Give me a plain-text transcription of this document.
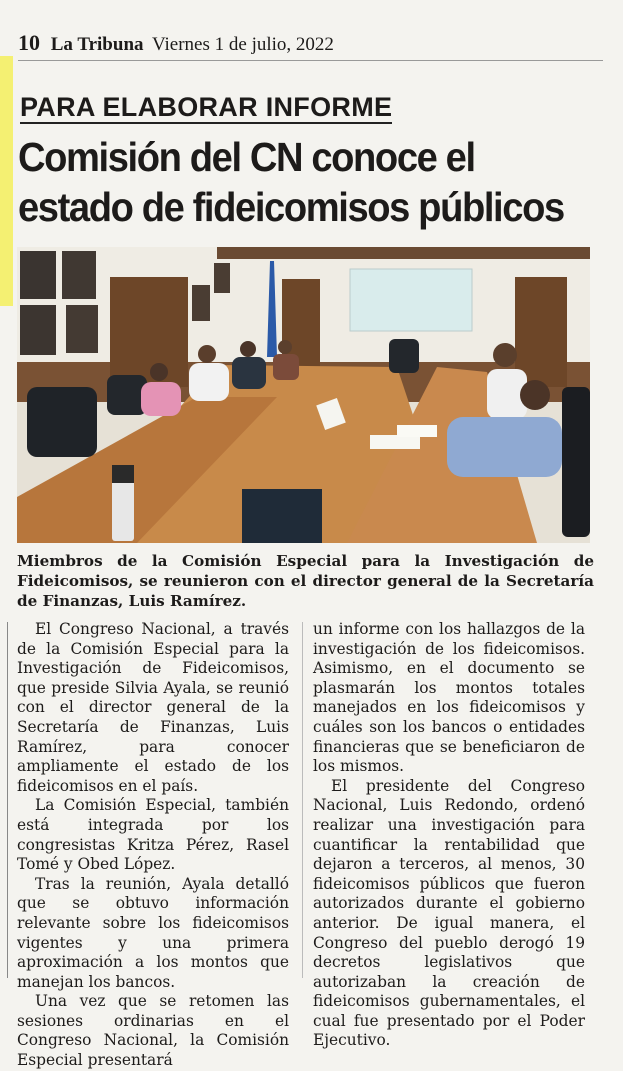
10 La Tribuna Viernes 1 de julio, 2022
PARA ELABORAR INFORME
Comisión del CN conoce el
estado de fideicomisos públicos
Miembros de la Comisión Especial para la Investigación de Fideicomisos, se reunieron con el director general de la Secretaría de Finanzas, Luis Ramírez.

El Congreso Nacional, a través de la Comisión Especial para la Investigación de Fideicomisos, que preside Silvia Ayala, se reunió con el director general de la Secretaría de Finanzas, Luis Ramírez, para conocer ampliamente el estado de los fideicomisos en el país.

La Comisión Especial, también está integrada por los congresistas Kritza Pérez, Rasel Tomé y Obed López.

Tras la reunión, Ayala detalló que se obtuvo información relevante sobre los fideicomisos vigentes y una primera aproximación a los montos que manejan los bancos.

Una vez que se retomen las sesiones ordinarias en el Congreso Nacional, la Comisión Especial presentará

un informe con los hallazgos de la investigación de los fideicomisos. Asimismo, en el documento se plasmarán los montos totales manejados en los fideicomisos y cuáles son los bancos o entidades financieras que se beneficiaron de los mismos.

El presidente del Congreso Nacional, Luis Redondo, ordenó realizar una investigación para cuantificar la rentabilidad que dejaron a terceros, al menos, 30 fideicomisos públicos que fueron autorizados durante el gobierno anterior. De igual manera, el Congreso del pueblo derogó 19 decretos legislativos que autorizaban la creación de fideicomisos gubernamentales, el cual fue presentado por el Poder Ejecutivo.
